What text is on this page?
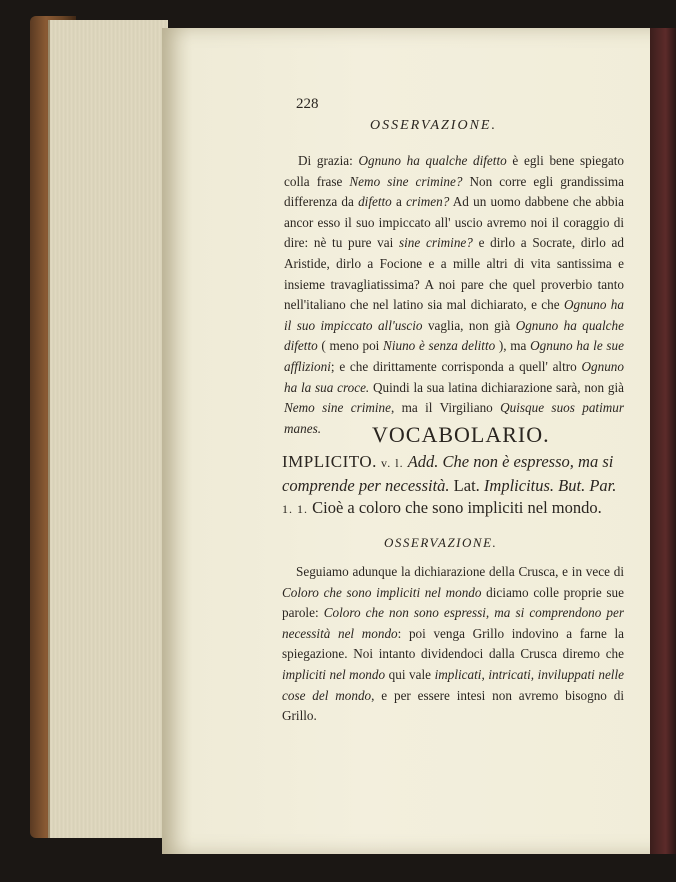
228
OSSERVAZIONE.
Di grazia: Ognuno ha qualche difetto è egli bene spiegato colla frase Nemo sine crimine? Non corre egli grandissima differenza da difetto a crimen? Ad un uomo dabbene che abbia ancor esso il suo impiccato all' uscio avremo noi il coraggio di dire: nè tu pure vai sine crimine? e dirlo a Socrate, dirlo ad Aristide, dirlo a Focione e a mille altri di vita santissima e insieme travagliatissima? A noi pare che quel proverbio tanto nell'italiano che nel latino sia mal dichiarato, e che Ognuno ha il suo impiccato all'uscio vaglia, non già Ognuno ha qualche difetto ( meno poi Niuno è senza delitto ), ma Ognuno ha le sue afflizioni; e che dirittamente corrisponda a quell' altro Ognuno ha la sua croce. Quindi la sua latina dichiarazione sarà, non già Nemo sine crimine, ma il Virgiliano Quisque suos patimur manes.	VOCABOLARIO.
IMPLICITO. v. l. Add. Che non è espresso, ma si comprende per necessità. Lat. Implicitus. But. Par. 1. 1. Cioè a coloro che sono impliciti nel mondo.
OSSERVAZIONE.
Seguiamo adunque la dichiarazione della Crusca, e in vece di Coloro che sono impliciti nel mondo diciamo colle proprie sue parole: Coloro che non sono espressi, ma si comprendono per necessità nel mondo: poi venga Grillo indovino a farne la spiegazione. Noi intanto dividendoci dalla Crusca diremo che impliciti nel mondo qui vale implicati, intricati, inviluppati nelle cose del mondo, e per essere intesi non avremo bisogno di Grillo.
